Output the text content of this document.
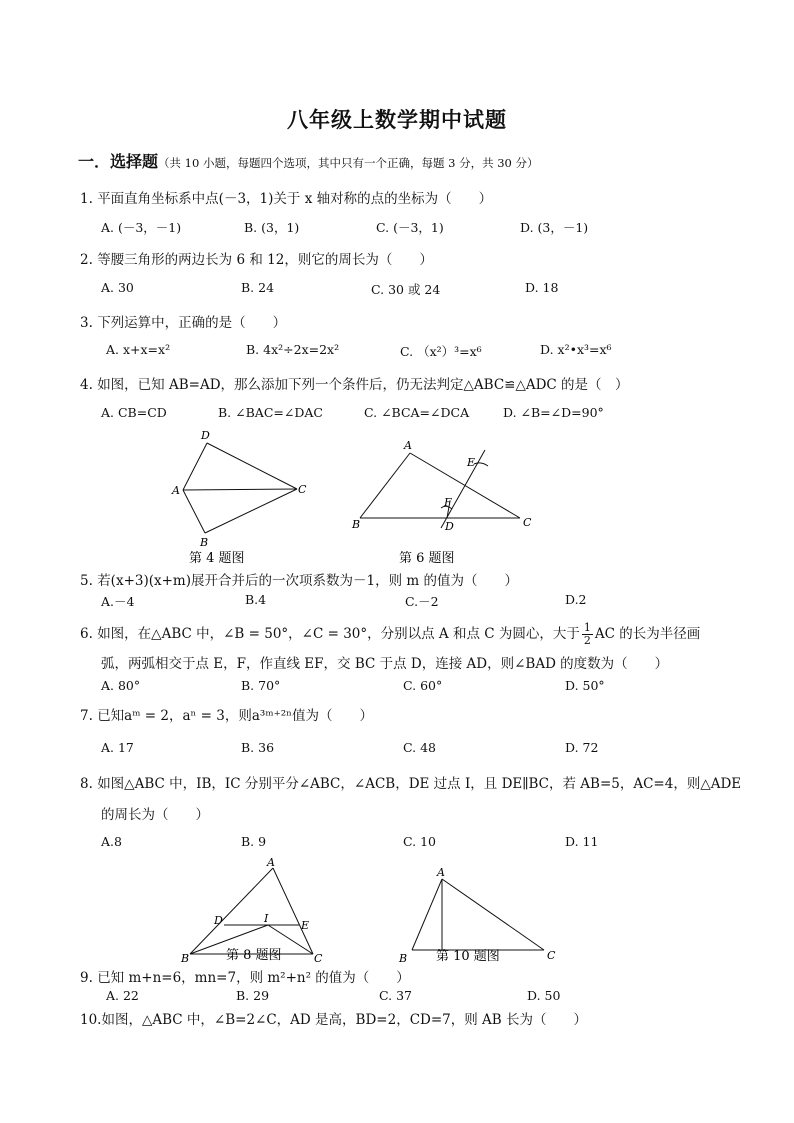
八年级上数学期中试题
一．选择题（共 10 小题，每题四个选项，其中只有一个正确，每题 3 分，共 30 分）
1. 平面直角坐标系中点(－3，1)关于 x 轴对称的点的坐标为（　　）
A. (－3，－1)	B. (3，1)	C. (－3，1)	D. (3，－1)
2. 等腰三角形的两边长为 6 和 12，则它的周长为（　　）
A. 30	B. 24	C. 30 或 24	D. 18
3. 下列运算中，正确的是（　　）
A. x+x=x²	B. 4x²÷2x=2x²	C. （x²）³=x⁶	D. x²•x³=x⁶
4. 如图，已知 AB=AD，那么添加下列一个条件后，仍无法判定△ABC≌△ADC 的是（　）
A. CB=CD	B. ∠BAC=∠DAC	C. ∠BCA=∠DCA	D. ∠B=∠D=90°
D
A	C
B
第 4 题图
A
E
F
B	D	C
第 6 题图
5. 若(x+3)(x+m)展开合并后的一次项系数为－1，则 m 的值为（　　）
A.－4	B.4	C.－2	D.2
6. 如图，在△ABC 中，∠B = 50°，∠C = 30°，分别以点 A 和点 C 为圆心，大于 $\frac{1}{2}$ AC 的长为半径画
弧，两弧相交于点 E，F，作直线 EF，交 BC 于点 D，连接 AD，则∠BAD 的度数为（　　）
A. 80°	B. 70°	C. 60°	D. 50°
7. 已知aᵐ = 2，aⁿ = 3，则a³ᵐ⁺²ⁿ值为（　　）
A. 17	B. 36	C. 48	D. 72
8. 如图△ABC 中，IB，IC 分别平分∠ABC，∠ACB，DE 过点 I，且 DE∥BC，若 AB=5，AC=4，则△ADE
的周长为（　　）
A.8	B. 9	C. 10	D. 11
A
D	I
E
B	C
第 8 题图
A
B	C
第 10 题图
9. 已知 m+n=6，mn=7，则 m²+n² 的值为（　　）
A. 22	B. 29	C. 37	D. 50
10.如图，△ABC 中，∠B=2∠C，AD 是高，BD=2，CD=7，则 AB 长为（　　）
